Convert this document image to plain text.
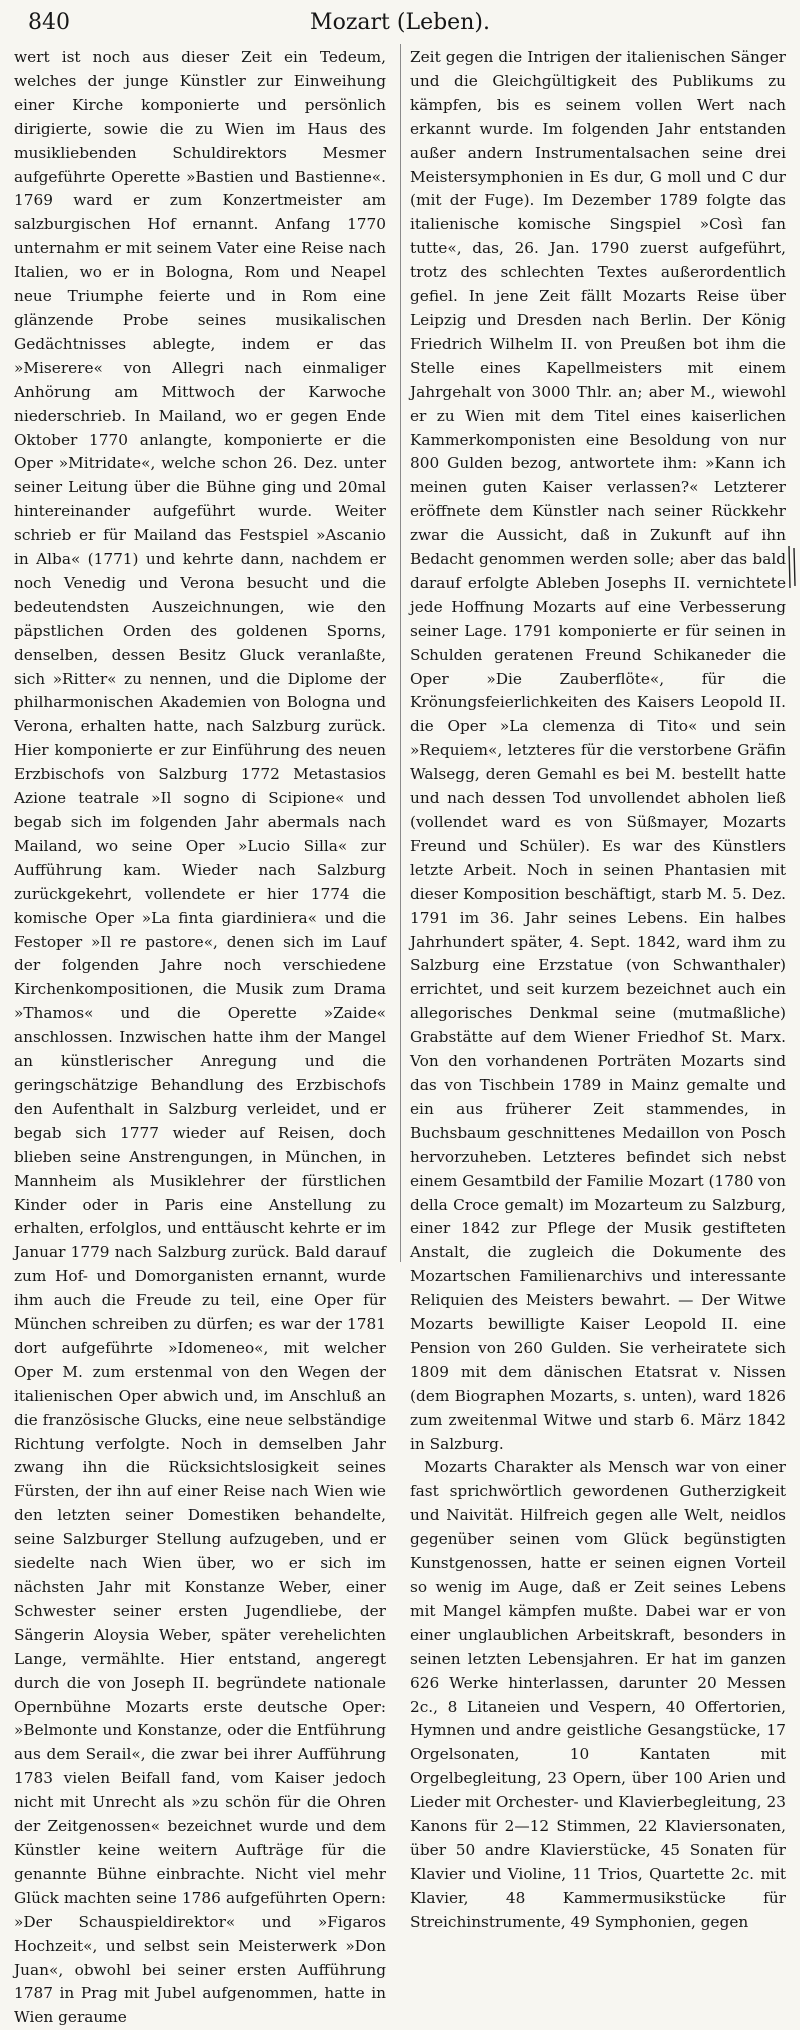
840	Mozart (Leben).

wert ist noch aus dieser Zeit ein Tedeum, welches der junge Künstler zur Einweihung einer Kirche komponierte und persönlich dirigierte, sowie die zu Wien im Haus des musikliebenden Schuldirektors Mesmer aufgeführte Operette »Bastien und Bastienne«. 1769 ward er zum Konzertmeister am salzburgischen Hof ernannt. Anfang 1770 unternahm er mit seinem Vater eine Reise nach Italien, wo er in Bologna, Rom und Neapel neue Triumphe feierte und in Rom eine glänzende Probe seines musikalischen Gedächtnisses ablegte, indem er das »Miserere« von Allegri nach einmaliger Anhörung am Mittwoch der Karwoche niederschrieb. In Mailand, wo er gegen Ende Oktober 1770 anlangte, komponierte er die Oper »Mitridate«, welche schon 26. Dez. unter seiner Leitung über die Bühne ging und 20mal hintereinander aufgeführt wurde. Weiter schrieb er für Mailand das Festspiel »Ascanio in Alba« (1771) und kehrte dann, nachdem er noch Venedig und Verona besucht und die bedeutendsten Auszeichnungen, wie den päpstlichen Orden des goldenen Sporns, denselben, dessen Besitz Gluck veranlaßte, sich »Ritter« zu nennen, und die Diplome der philharmonischen Akademien von Bologna und Verona, erhalten hatte, nach Salzburg zurück. Hier komponierte er zur Einführung des neuen Erzbischofs von Salzburg 1772 Metastasios Azione teatrale »Il sogno di Scipione« und begab sich im folgenden Jahr abermals nach Mailand, wo seine Oper »Lucio Silla« zur Aufführung kam. Wieder nach Salzburg zurückgekehrt, vollendete er hier 1774 die komische Oper »La finta giardiniera« und die Festoper »Il re pastore«, denen sich im Lauf der folgenden Jahre noch verschiedene Kirchenkompositionen, die Musik zum Drama »Thamos« und die Operette »Zaide« anschlossen. Inzwischen hatte ihm der Mangel an künstlerischer Anregung und die geringschätzige Behandlung des Erzbischofs den Aufenthalt in Salzburg verleidet, und er begab sich 1777 wieder auf Reisen, doch blieben seine Anstrengungen, in München, in Mannheim als Musiklehrer der fürstlichen Kinder oder in Paris eine Anstellung zu erhalten, erfolglos, und enttäuscht kehrte er im Januar 1779 nach Salzburg zurück. Bald darauf zum Hof- und Domorganisten ernannt, wurde ihm auch die Freude zu teil, eine Oper für München schreiben zu dürfen; es war der 1781 dort aufgeführte »Idomeneo«, mit welcher Oper M. zum erstenmal von den Wegen der italienischen Oper abwich und, im Anschluß an die französische Glucks, eine neue selbständige Richtung verfolgte. Noch in demselben Jahr zwang ihn die Rücksichtslosigkeit seines Fürsten, der ihn auf einer Reise nach Wien wie den letzten seiner Domestiken behandelte, seine Salzburger Stellung aufzugeben, und er siedelte nach Wien über, wo er sich im nächsten Jahr mit Konstanze Weber, einer Schwester seiner ersten Jugendliebe, der Sängerin Aloysia Weber, später verehelichten Lange, vermählte. Hier entstand, angeregt durch die von Joseph II. begründete nationale Opernbühne Mozarts erste deutsche Oper: »Belmonte und Konstanze, oder die Entführung aus dem Serail«, die zwar bei ihrer Aufführung 1783 vielen Beifall fand, vom Kaiser jedoch nicht mit Unrecht als »zu schön für die Ohren der Zeitgenossen« bezeichnet wurde und dem Künstler keine weitern Aufträge für die genannte Bühne einbrachte. Nicht viel mehr Glück machten seine 1786 aufgeführten Opern: »Der Schauspieldirektor« und »Figaros Hochzeit«, und selbst sein Meisterwerk »Don Juan«, obwohl bei seiner ersten Aufführung 1787 in Prag mit Jubel aufgenommen, hatte in Wien geraume

Zeit gegen die Intrigen der italienischen Sänger und die Gleichgültigkeit des Publikums zu kämpfen, bis es seinem vollen Wert nach erkannt wurde. Im folgenden Jahr entstanden außer andern Instrumentalsachen seine drei Meistersymphonien in Es dur, G moll und C dur (mit der Fuge). Im Dezember 1789 folgte das italienische komische Singspiel »Così fan tutte«, das, 26. Jan. 1790 zuerst aufgeführt, trotz des schlechten Textes außerordentlich gefiel. In jene Zeit fällt Mozarts Reise über Leipzig und Dresden nach Berlin. Der König Friedrich Wilhelm II. von Preußen bot ihm die Stelle eines Kapellmeisters mit einem Jahrgehalt von 3000 Thlr. an; aber M., wiewohl er zu Wien mit dem Titel eines kaiserlichen Kammerkomponisten eine Besoldung von nur 800 Gulden bezog, antwortete ihm: »Kann ich meinen guten Kaiser verlassen?« Letzterer eröffnete dem Künstler nach seiner Rückkehr zwar die Aussicht, daß in Zukunft auf ihn Bedacht genommen werden solle; aber das bald darauf erfolgte Ableben Josephs II. vernichtete jede Hoffnung Mozarts auf eine Verbesserung seiner Lage. 1791 komponierte er für seinen in Schulden geratenen Freund Schikaneder die Oper »Die Zauberflöte«, für die Krönungsfeierlichkeiten des Kaisers Leopold II. die Oper »La clemenza di Tito« und sein »Requiem«, letzteres für die verstorbene Gräfin Walsegg, deren Gemahl es bei M. bestellt hatte und nach dessen Tod unvollendet abholen ließ (vollendet ward es von Süßmayer, Mozarts Freund und Schüler). Es war des Künstlers letzte Arbeit. Noch in seinen Phantasien mit dieser Komposition beschäftigt, starb M. 5. Dez. 1791 im 36. Jahr seines Lebens. Ein halbes Jahrhundert später, 4. Sept. 1842, ward ihm zu Salzburg eine Erzstatue (von Schwanthaler) errichtet, und seit kurzem bezeichnet auch ein allegorisches Denkmal seine (mutmaßliche) Grabstätte auf dem Wiener Friedhof St. Marx. Von den vorhandenen Porträten Mozarts sind das von Tischbein 1789 in Mainz gemalte und ein aus früherer Zeit stammendes, in Buchsbaum geschnittenes Medaillon von Posch hervorzuheben. Letzteres befindet sich nebst einem Gesamtbild der Familie Mozart (1780 von della Croce gemalt) im Mozarteum zu Salzburg, einer 1842 zur Pflege der Musik gestifteten Anstalt, die zugleich die Dokumente des Mozartschen Familienarchivs und interessante Reliquien des Meisters bewahrt. — Der Witwe Mozarts bewilligte Kaiser Leopold II. eine Pension von 260 Gulden. Sie verheiratete sich 1809 mit dem dänischen Etatsrat v. Nissen (dem Biographen Mozarts, s. unten), ward 1826 zum zweitenmal Witwe und starb 6. März 1842 in Salzburg.

Mozarts Charakter als Mensch war von einer fast sprichwörtlich gewordenen Gutherzigkeit und Naivität. Hilfreich gegen alle Welt, neidlos gegenüber seinen vom Glück begünstigten Kunstgenossen, hatte er seinen eignen Vorteil so wenig im Auge, daß er Zeit seines Lebens mit Mangel kämpfen mußte. Dabei war er von einer unglaublichen Arbeitskraft, besonders in seinen letzten Lebensjahren. Er hat im ganzen 626 Werke hinterlassen, darunter 20 Messen 2c., 8 Litaneien und Vespern, 40 Offertorien, Hymnen und andre geistliche Gesangstücke, 17 Orgelsonaten, 10 Kantaten mit Orgelbegleitung, 23 Opern, über 100 Arien und Lieder mit Orchester- und Klavierbegleitung, 23 Kanons für 2—12 Stimmen, 22 Klaviersonaten, über 50 andre Klavierstücke, 45 Sonaten für Klavier und Violine, 11 Trios, Quartette 2c. mit Klavier, 48 Kammermusikstücke für Streichinstrumente, 49 Symphonien, gegen
